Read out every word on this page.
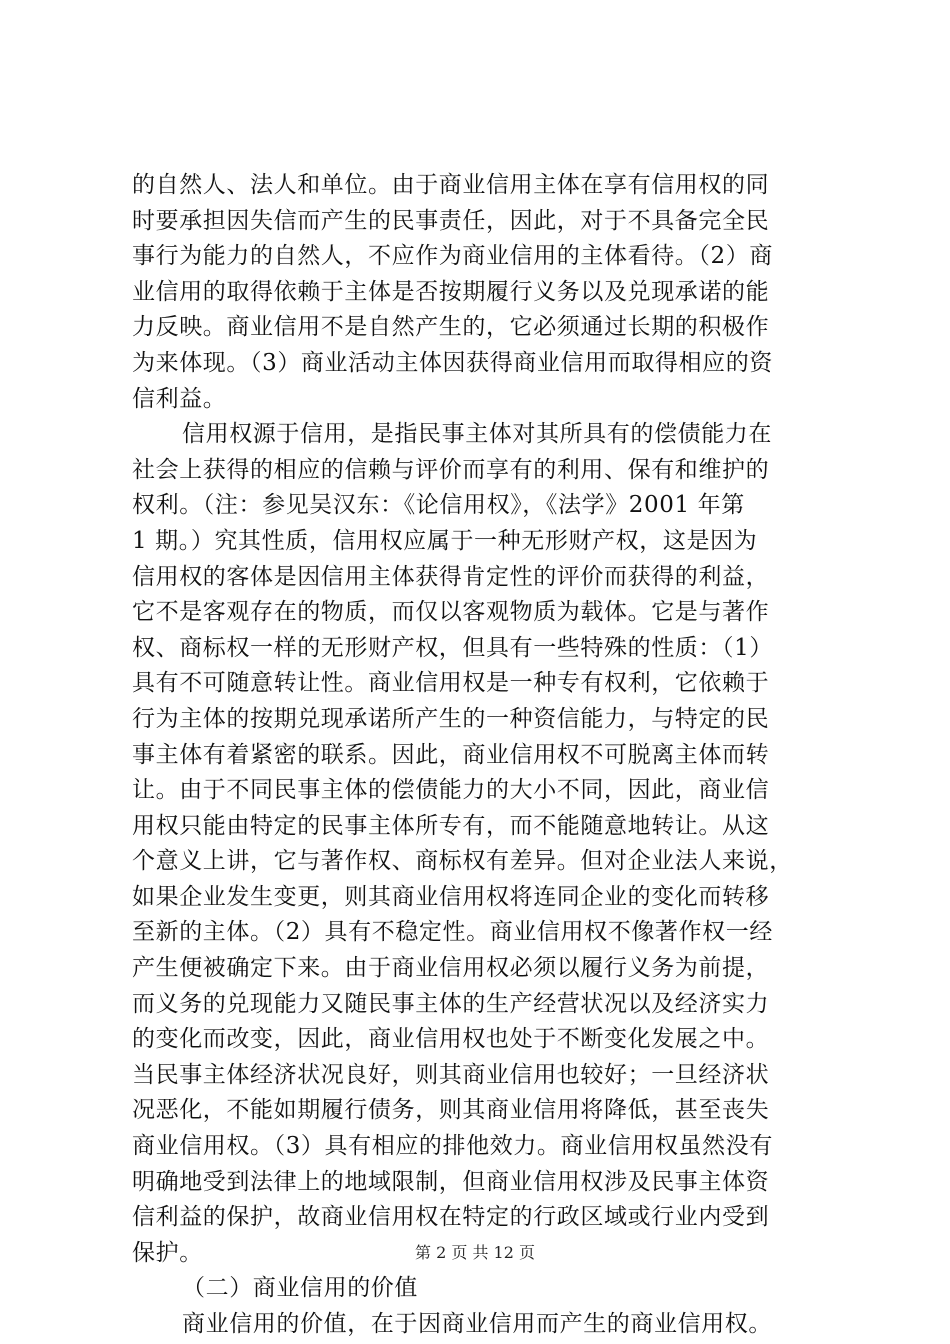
的自然人、法人和单位。由于商业信用主体在享有信用权的同
时要承担因失信而产生的民事责任，因此，对于不具备完全民
事行为能力的自然人，不应作为商业信用的主体看待。（2）商
业信用的取得依赖于主体是否按期履行义务以及兑现承诺的能
力反映。商业信用不是自然产生的，它必须通过长期的积极作
为来体现。（3）商业活动主体因获得商业信用而取得相应的资
信利益。
信用权源于信用，是指民事主体对其所具有的偿债能力在
社会上获得的相应的信赖与评价而享有的利用、保有和维护的
权利。（注：参见吴汉东：《论信用权》，《法学》2001 年第
1 期。）究其性质，信用权应属于一种无形财产权，这是因为
信用权的客体是因信用主体获得肯定性的评价而获得的利益，
它不是客观存在的物质，而仅以客观物质为载体。它是与著作
权、商标权一样的无形财产权，但具有一些特殊的性质：（1）
具有不可随意转让性。商业信用权是一种专有权利，它依赖于
行为主体的按期兑现承诺所产生的一种资信能力，与特定的民
事主体有着紧密的联系。因此，商业信用权不可脱离主体而转
让。由于不同民事主体的偿债能力的大小不同，因此，商业信
用权只能由特定的民事主体所专有，而不能随意地转让。从这
个意义上讲，它与著作权、商标权有差异。但对企业法人来说，
如果企业发生变更，则其商业信用权将连同企业的变化而转移
至新的主体。（2）具有不稳定性。商业信用权不像著作权一经
产生便被确定下来。由于商业信用权必须以履行义务为前提，
而义务的兑现能力又随民事主体的生产经营状况以及经济实力
的变化而改变，因此，商业信用权也处于不断变化发展之中。
当民事主体经济状况良好，则其商业信用也较好；一旦经济状
况恶化，不能如期履行债务，则其商业信用将降低，甚至丧失
商业信用权。（3）具有相应的排他效力。商业信用权虽然没有
明确地受到法律上的地域限制，但商业信用权涉及民事主体资
信利益的保护，故商业信用权在特定的行政区域或行业内受到
保护。
（二）商业信用的价值
商业信用的价值，在于因商业信用而产生的商业信用权。
第 2 页 共 12 页
